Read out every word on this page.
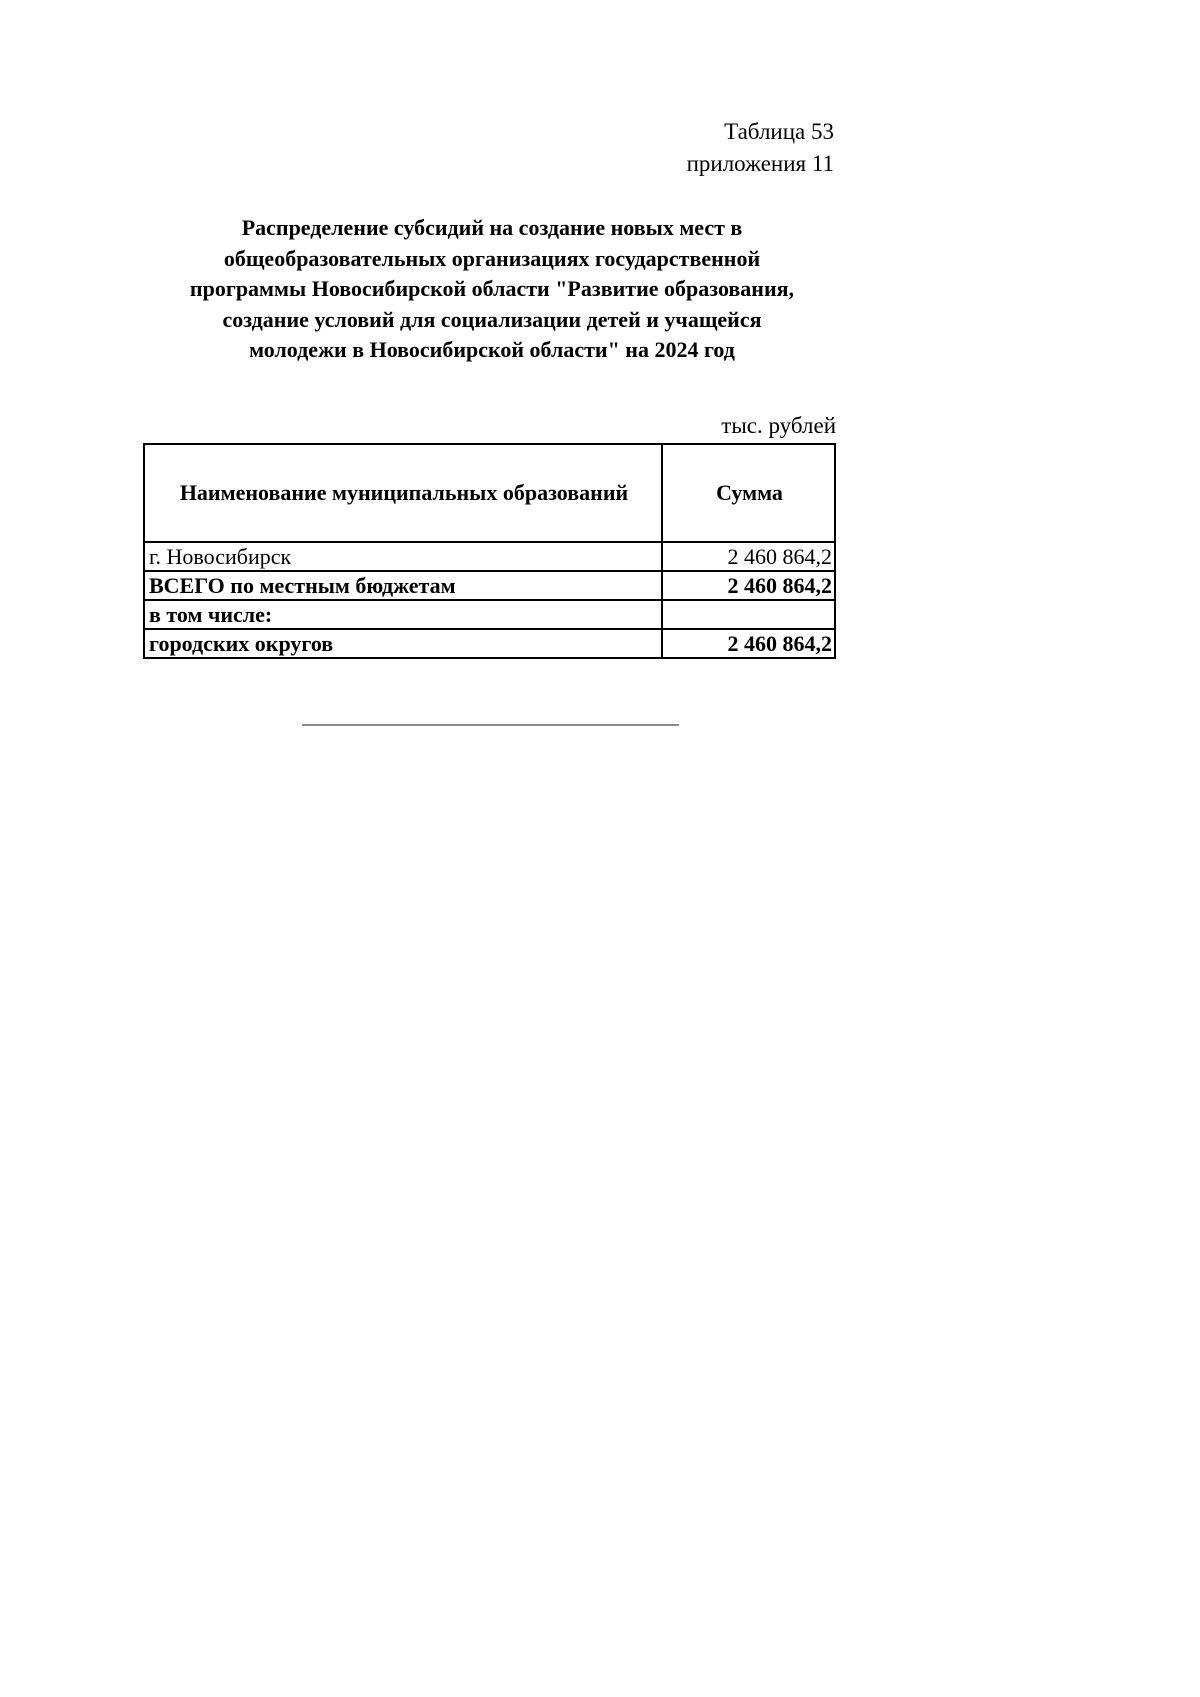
Таблица 53
приложения 11
Распределение субсидий на создание новых мест в
общеобразовательных организациях государственной
программы Новосибирской области "Развитие образования,
создание условий для социализации детей и учащейся
молодежи в Новосибирской области" на 2024 год
тыс. рублей
Наименование муниципальных образований	Сумма
г. Новосибирск	2 460 864,2
ВСЕГО по местным бюджетам	2 460 864,2
в том числе:	
городских округов	2 460 864,2
